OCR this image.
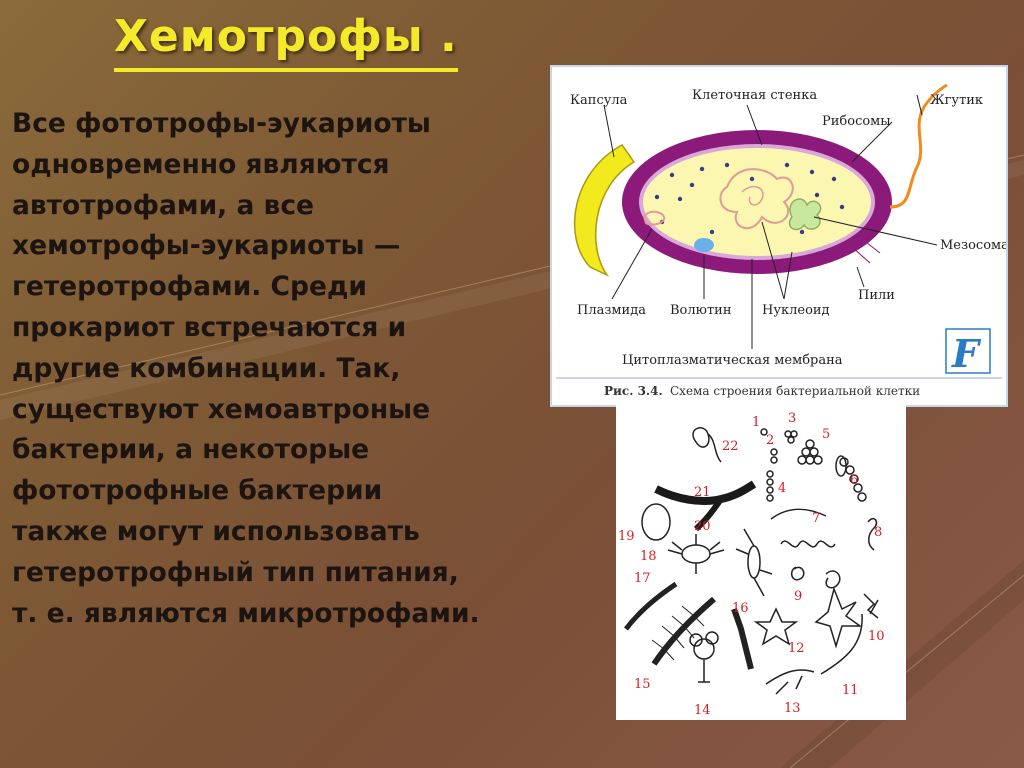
Хемотрофы .
Все фототрофы-эукариоты
одновременно являются
автотрофами, а все
хемотрофы-эукариоты —
гетеротрофами. Среди
прокариот встречаются и
другие комбинации. Так,
существуют хемоавтроные
бактерии, а некоторые
фототрофные бактерии
также могут использовать
гетеротрофный тип питания,
т. е. являются микротрофами.
Капсула	Клеточная стенка	Жгутик
Рибосомы
Мезосома
Пили
Плазмида Волютин Нуклеоид
Цитоплазматическая мембрана	F
Рис. 3.4. Схема строения бактериальной клетки
1
2
3
4
5
6
7
8
9
10
11
12
13
14
15
16
17
18
19
20
21
22
